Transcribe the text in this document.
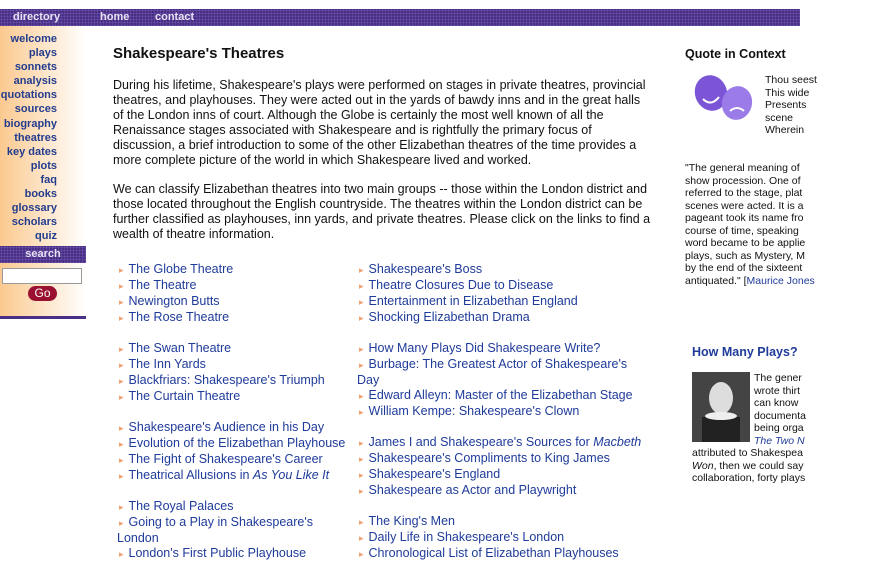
directory	home contact
welcome
plays
sonnets
analysis
quotations
sources
biography
theatres
key dates
plots
faq
books
glossary
scholars
quiz
search
Go
Shakespeare's Theatres

During his lifetime, Shakespeare's plays were performed on stages in private theatres, provincial theatres, and playhouses. They were acted out in the yards of bawdy inns and in the great halls of the London inns of court. Although the Globe is certainly the most well known of all the Renaissance stages associated with Shakespeare and is rightfully the primary focus of discussion, a brief introduction to some of the other Elizabethan theatres of the time provides a more complete picture of the world in which Shakespeare lived and worked.

We can classify Elizabethan theatres into two main groups -- those within the London district and those located throughout the English countryside. The theatres within the London district can be further classified as playhouses, inn yards, and private theatres. Please click on the links to find a wealth of theatre information.

▸ The Globe Theatre
▸ The Theatre
▸ Newington Butts
▸ The Rose Theatre
▸ The Swan Theatre
▸ The Inn Yards
▸ Blackfriars: Shakespeare's Triumph
▸ The Curtain Theatre
▸ Shakespeare's Audience in his Day
▸ Evolution of the Elizabethan Playhouse
▸ The Fight of Shakespeare's Career
▸ Theatrical Allusions in As You Like It
▸ The Royal Palaces
▸ Going to a Play in Shakespeare's London
▸ London's First Public Playhouse
▸ Shakespeare's Boss
▸ Theatre Closures Due to Disease
▸ Entertainment in Elizabethan England
▸ Shocking Elizabethan Drama
▸ How Many Plays Did Shakespeare Write?
▸ Burbage: The Greatest Actor of Shakespeare's Day
▸ Edward Alleyn: Master of the Elizabethan Stage
▸ William Kempe: Shakespeare's Clown
▸ James I and Shakespeare's Sources for Macbeth
▸ Shakespeare's Compliments to King James
▸ Shakespeare's England
▸ Shakespeare as Actor and Playwright
▸ The King's Men
▸ Daily Life in Shakespeare's London
▸ Chronological List of Elizabethan Playhouses
Quote in Context
Thou seest
This wide
Presents
scene
Wherein
"The general meaning of
show procession. One of
referred to the stage, plat
scenes were acted. It is a
pageant took its name fro
course of time, speaking
word became to be applie
plays, such as Mystery, M
by the end of the sixteent
antiquated." [Maurice Jones
How Many Plays?
The gener
wrote thirt
can know
documenta
being orga
The Two N
attributed to Shakespea
Won, then we could say
collaboration, forty plays
